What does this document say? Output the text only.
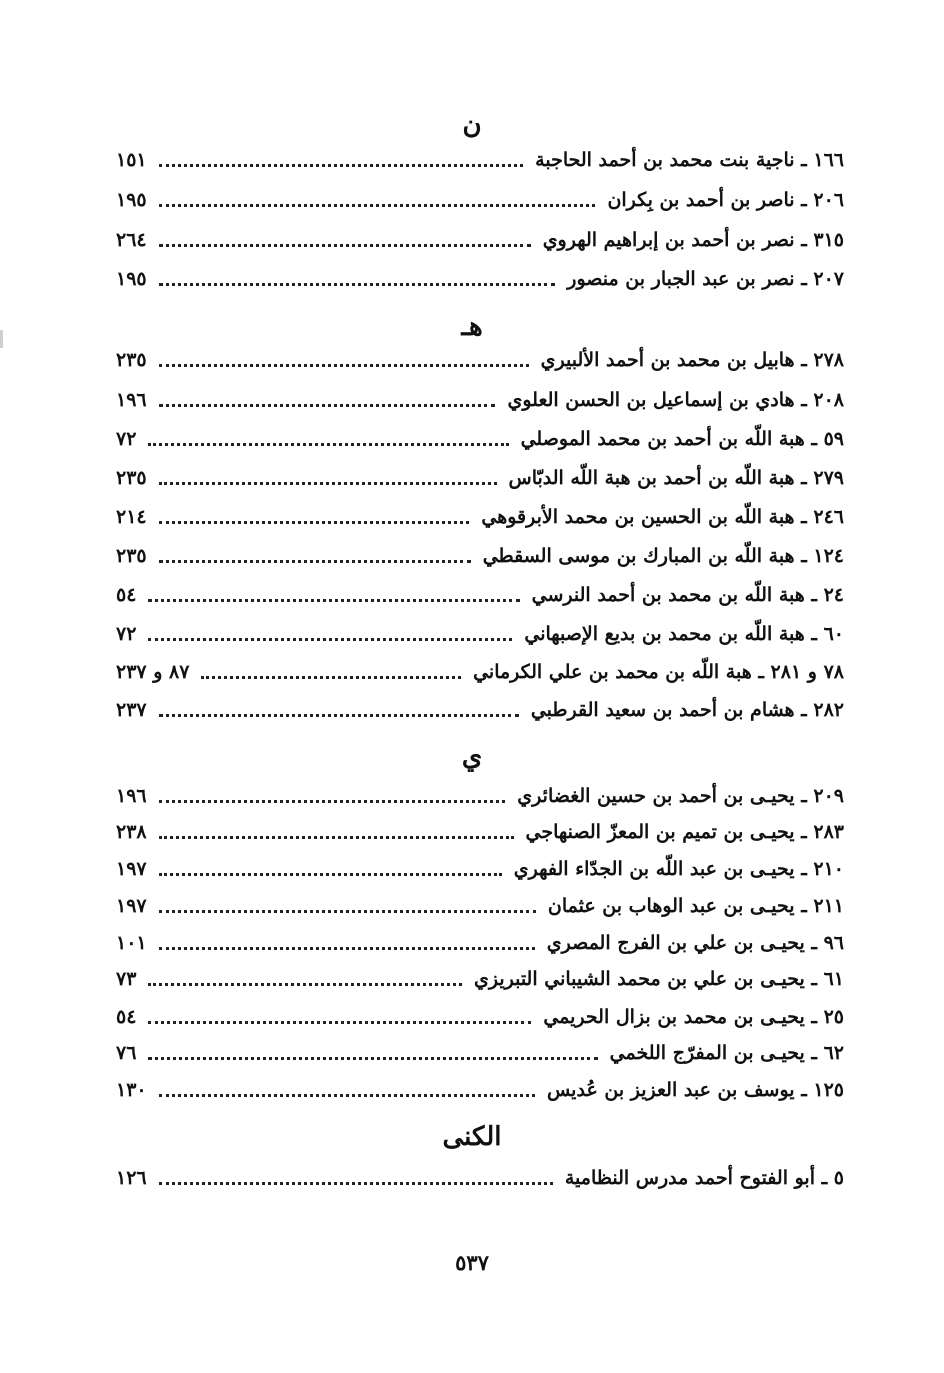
ن
١٦٦ ـ ناجية بنت محمد بن أحمد الحاجبة
١٥١
٢٠٦ ـ ناصر بن أحمد بن بِكران
١٩٥
٣١٥ ـ نصر بن أحمد بن إبراهيم الهروي
٢٦٤
٢٠٧ ـ نصر بن عبد الجبار بن منصور
١٩٥
هـ
٢٧٨ ـ هابيل بن محمد بن أحمد الألبيري
٢٣٥
٢٠٨ ـ هادي بن إسماعيل بن الحسن العلوي
١٩٦
٥٩ ـ هبة اللّه بن أحمد بن محمد الموصلي
٧٢
٢٧٩ ـ هبة اللّه بن أحمد بن هبة اللّه الدبّاس
٢٣٥
٢٤٦ ـ هبة اللّه بن الحسين بن محمد الأبرقوهي
٢١٤
١٢٤ ـ هبة اللّه بن المبارك بن موسى السقطي
٢٣٥
٢٤ ـ هبة اللّه بن محمد بن أحمد النرسي
٥٤
٦٠ ـ هبة اللّه بن محمد بن بديع الإصبهاني
٧٢
٧٨ و ٢٨١ ـ هبة اللّه بن محمد بن علي الكرماني
٨٧ و ٢٣٧
٢٨٢ ـ هشام بن أحمد بن سعيد القرطبي
٢٣٧
ي
٢٠٩ ـ يحيـى بن أحمد بن حسين الغضائري
١٩٦
٢٨٣ ـ يحيـى بن تميم بن المعزّ الصنهاجي
٢٣٨
٢١٠ ـ يحيـى بن عبد اللّه بن الجدّاء الفهري
١٩٧
٢١١ ـ يحيـى بن عبد الوهاب بن عثمان
١٩٧
٩٦ ـ يحيـى بن علي بن الفرج المصري
١٠١
٦١ ـ يحيـى بن علي بن محمد الشيباني التبريزي
٧٣
٢٥ ـ يحيـى بن محمد بن بزال الحريمي
٥٤
٦٢ ـ يحيـى بن المفرّج اللخمي
٧٦
١٢٥ ـ يوسف بن عبد العزيز بن عُديس
١٣٠
الكنى
٥ ـ أبو الفتوح أحمد مدرس النظامية
١٢٦
٥٣٧
